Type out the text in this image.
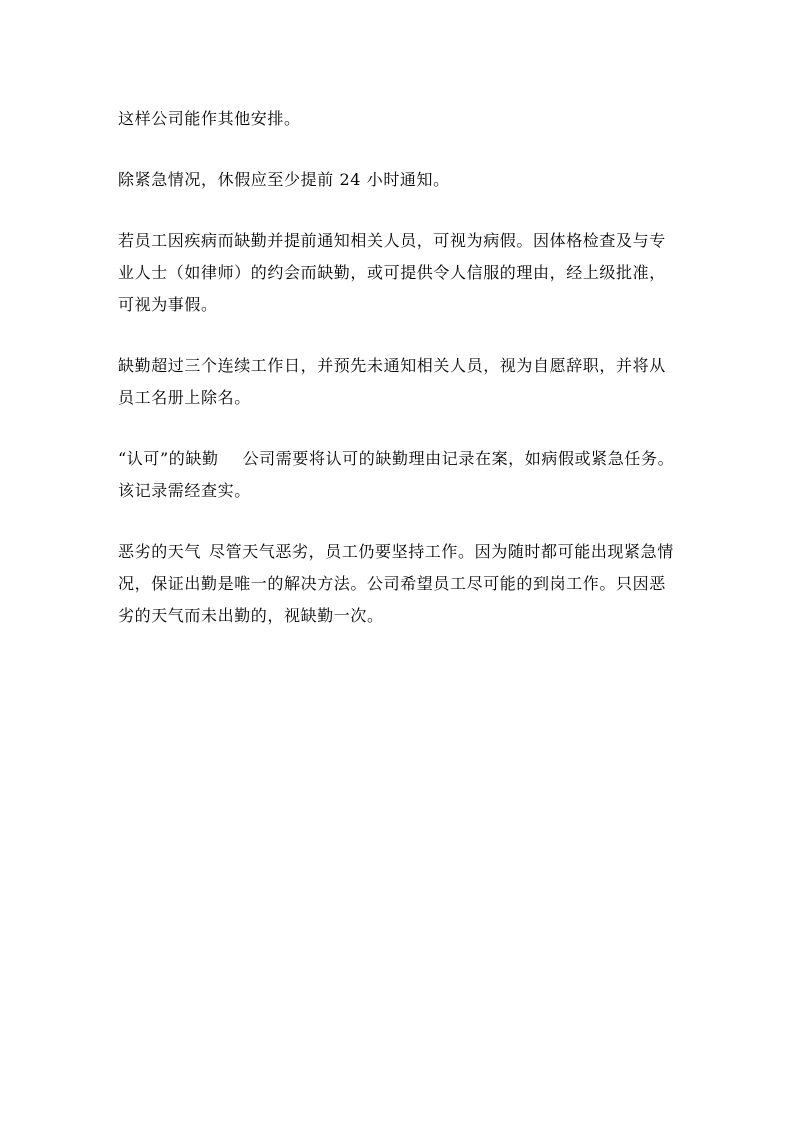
这样公司能作其他安排。

除紧急情况，休假应至少提前 24 小时通知。

若员工因疾病而缺勤并提前通知相关人员，可视为病假。因体格检查及与专业人士（如律师）的约会而缺勤，或可提供令人信服的理由，经上级批准，可视为事假。

缺勤超过三个连续工作日，并预先未通知相关人员，视为自愿辞职，并将从员工名册上除名。

“认可”的缺勤 公司需要将认可的缺勤理由记录在案，如病假或紧急任务。该记录需经查实。

恶劣的天气 尽管天气恶劣，员工仍要坚持工作。因为随时都可能出现紧急情况，保证出勤是唯一的解决方法。公司希望员工尽可能的到岗工作。只因恶劣的天气而未出勤的，视缺勤一次。
